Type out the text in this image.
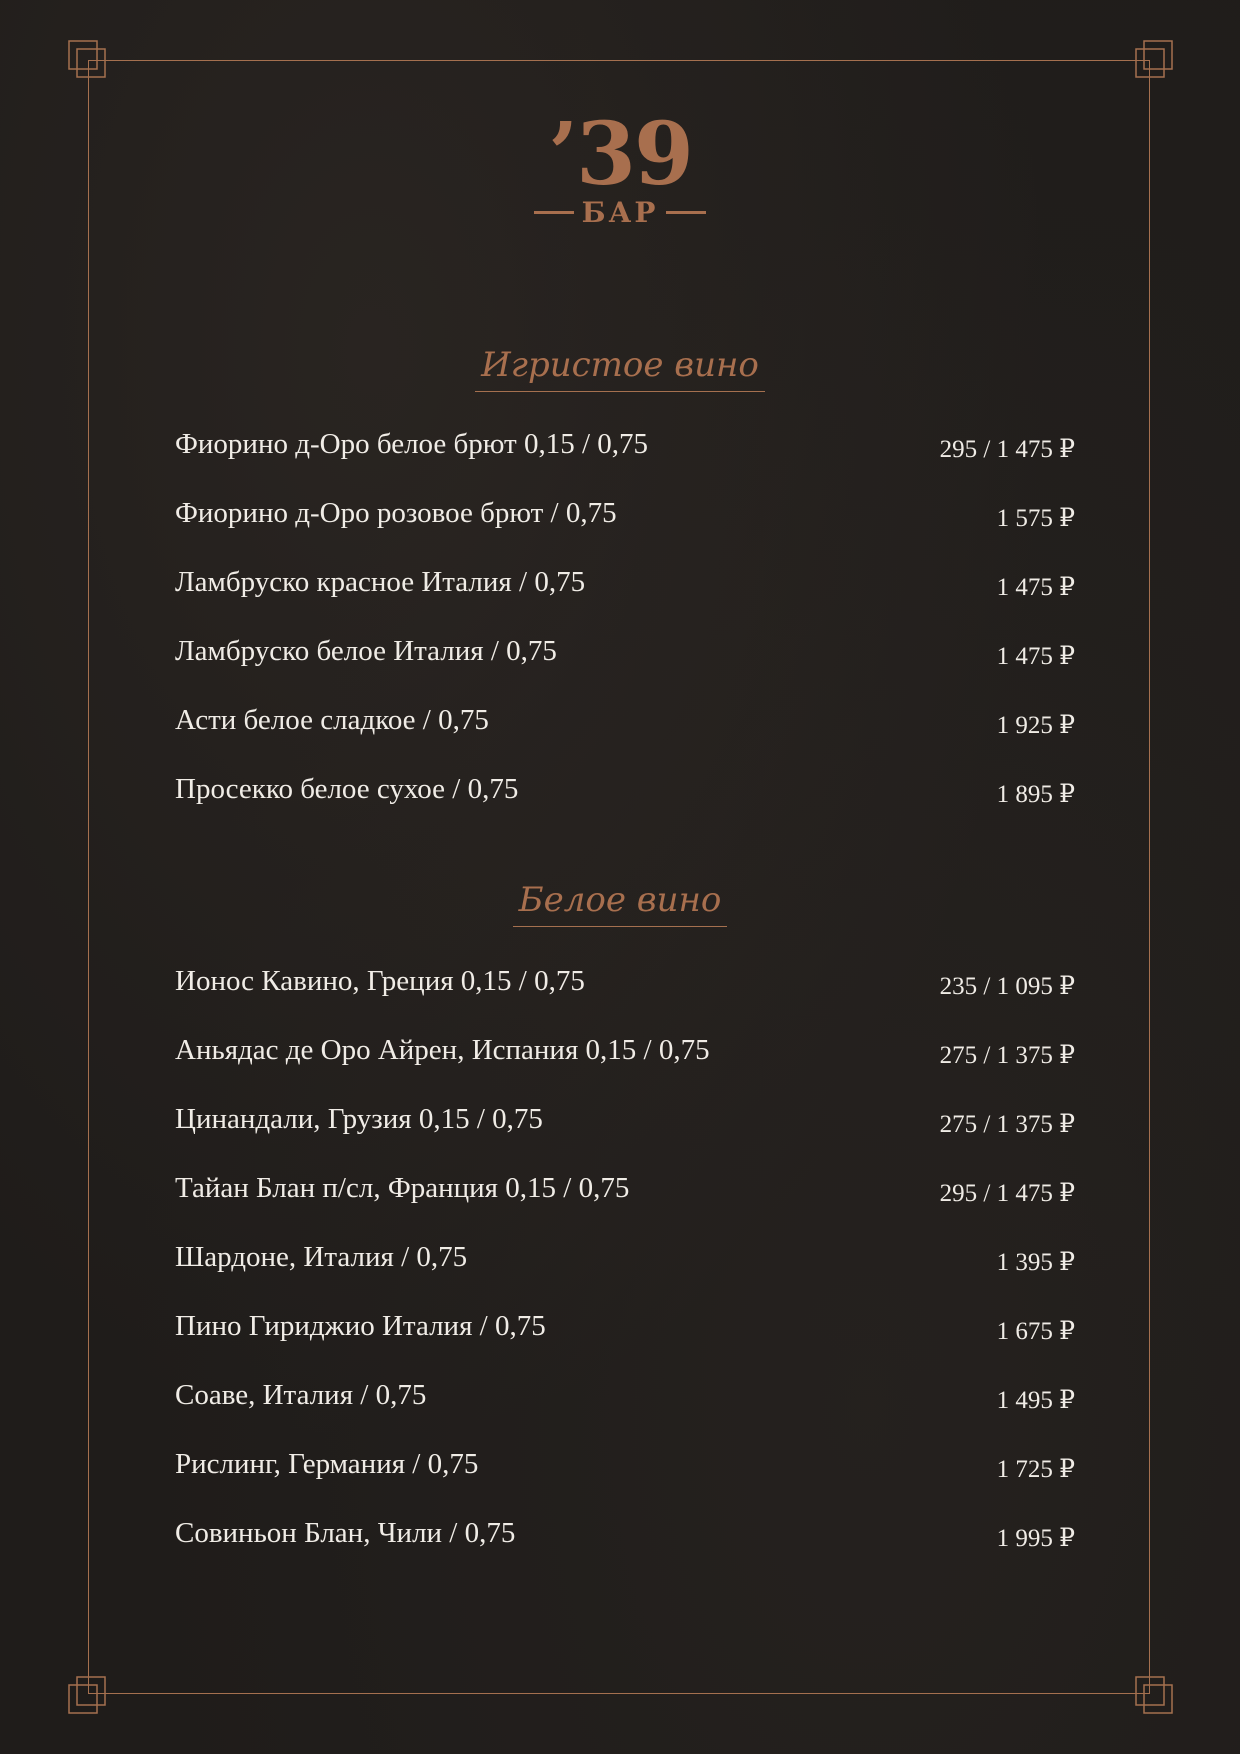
’39
БАР
Игристое вино
Фиорино д-Оро белое брют 0,15 / 0,75	295 / 1 475 ₽
Фиорино д-Оро розовое брют / 0,75	1 575 ₽
Ламбруско красное Италия / 0,75	1 475 ₽
Ламбруско белое Италия / 0,75	1 475 ₽
Асти белое сладкое / 0,75	1 925 ₽
Просекко белое сухое / 0,75	1 895 ₽
Белое вино
Ионос Кавино, Греция 0,15 / 0,75	235 / 1 095 ₽
Аньядас де Оро Айрен, Испания 0,15 / 0,75	275 / 1 375 ₽
Цинандали, Грузия 0,15 / 0,75	275 / 1 375 ₽
Тайан Блан п/сл, Франция 0,15 / 0,75	295 / 1 475 ₽
Шардоне, Италия / 0,75	1 395 ₽
Пино Гириджио Италия / 0,75	1 675 ₽
Соаве, Италия / 0,75	1 495 ₽
Рислинг, Германия / 0,75	1 725 ₽
Совиньон Блан, Чили / 0,75	1 995 ₽
